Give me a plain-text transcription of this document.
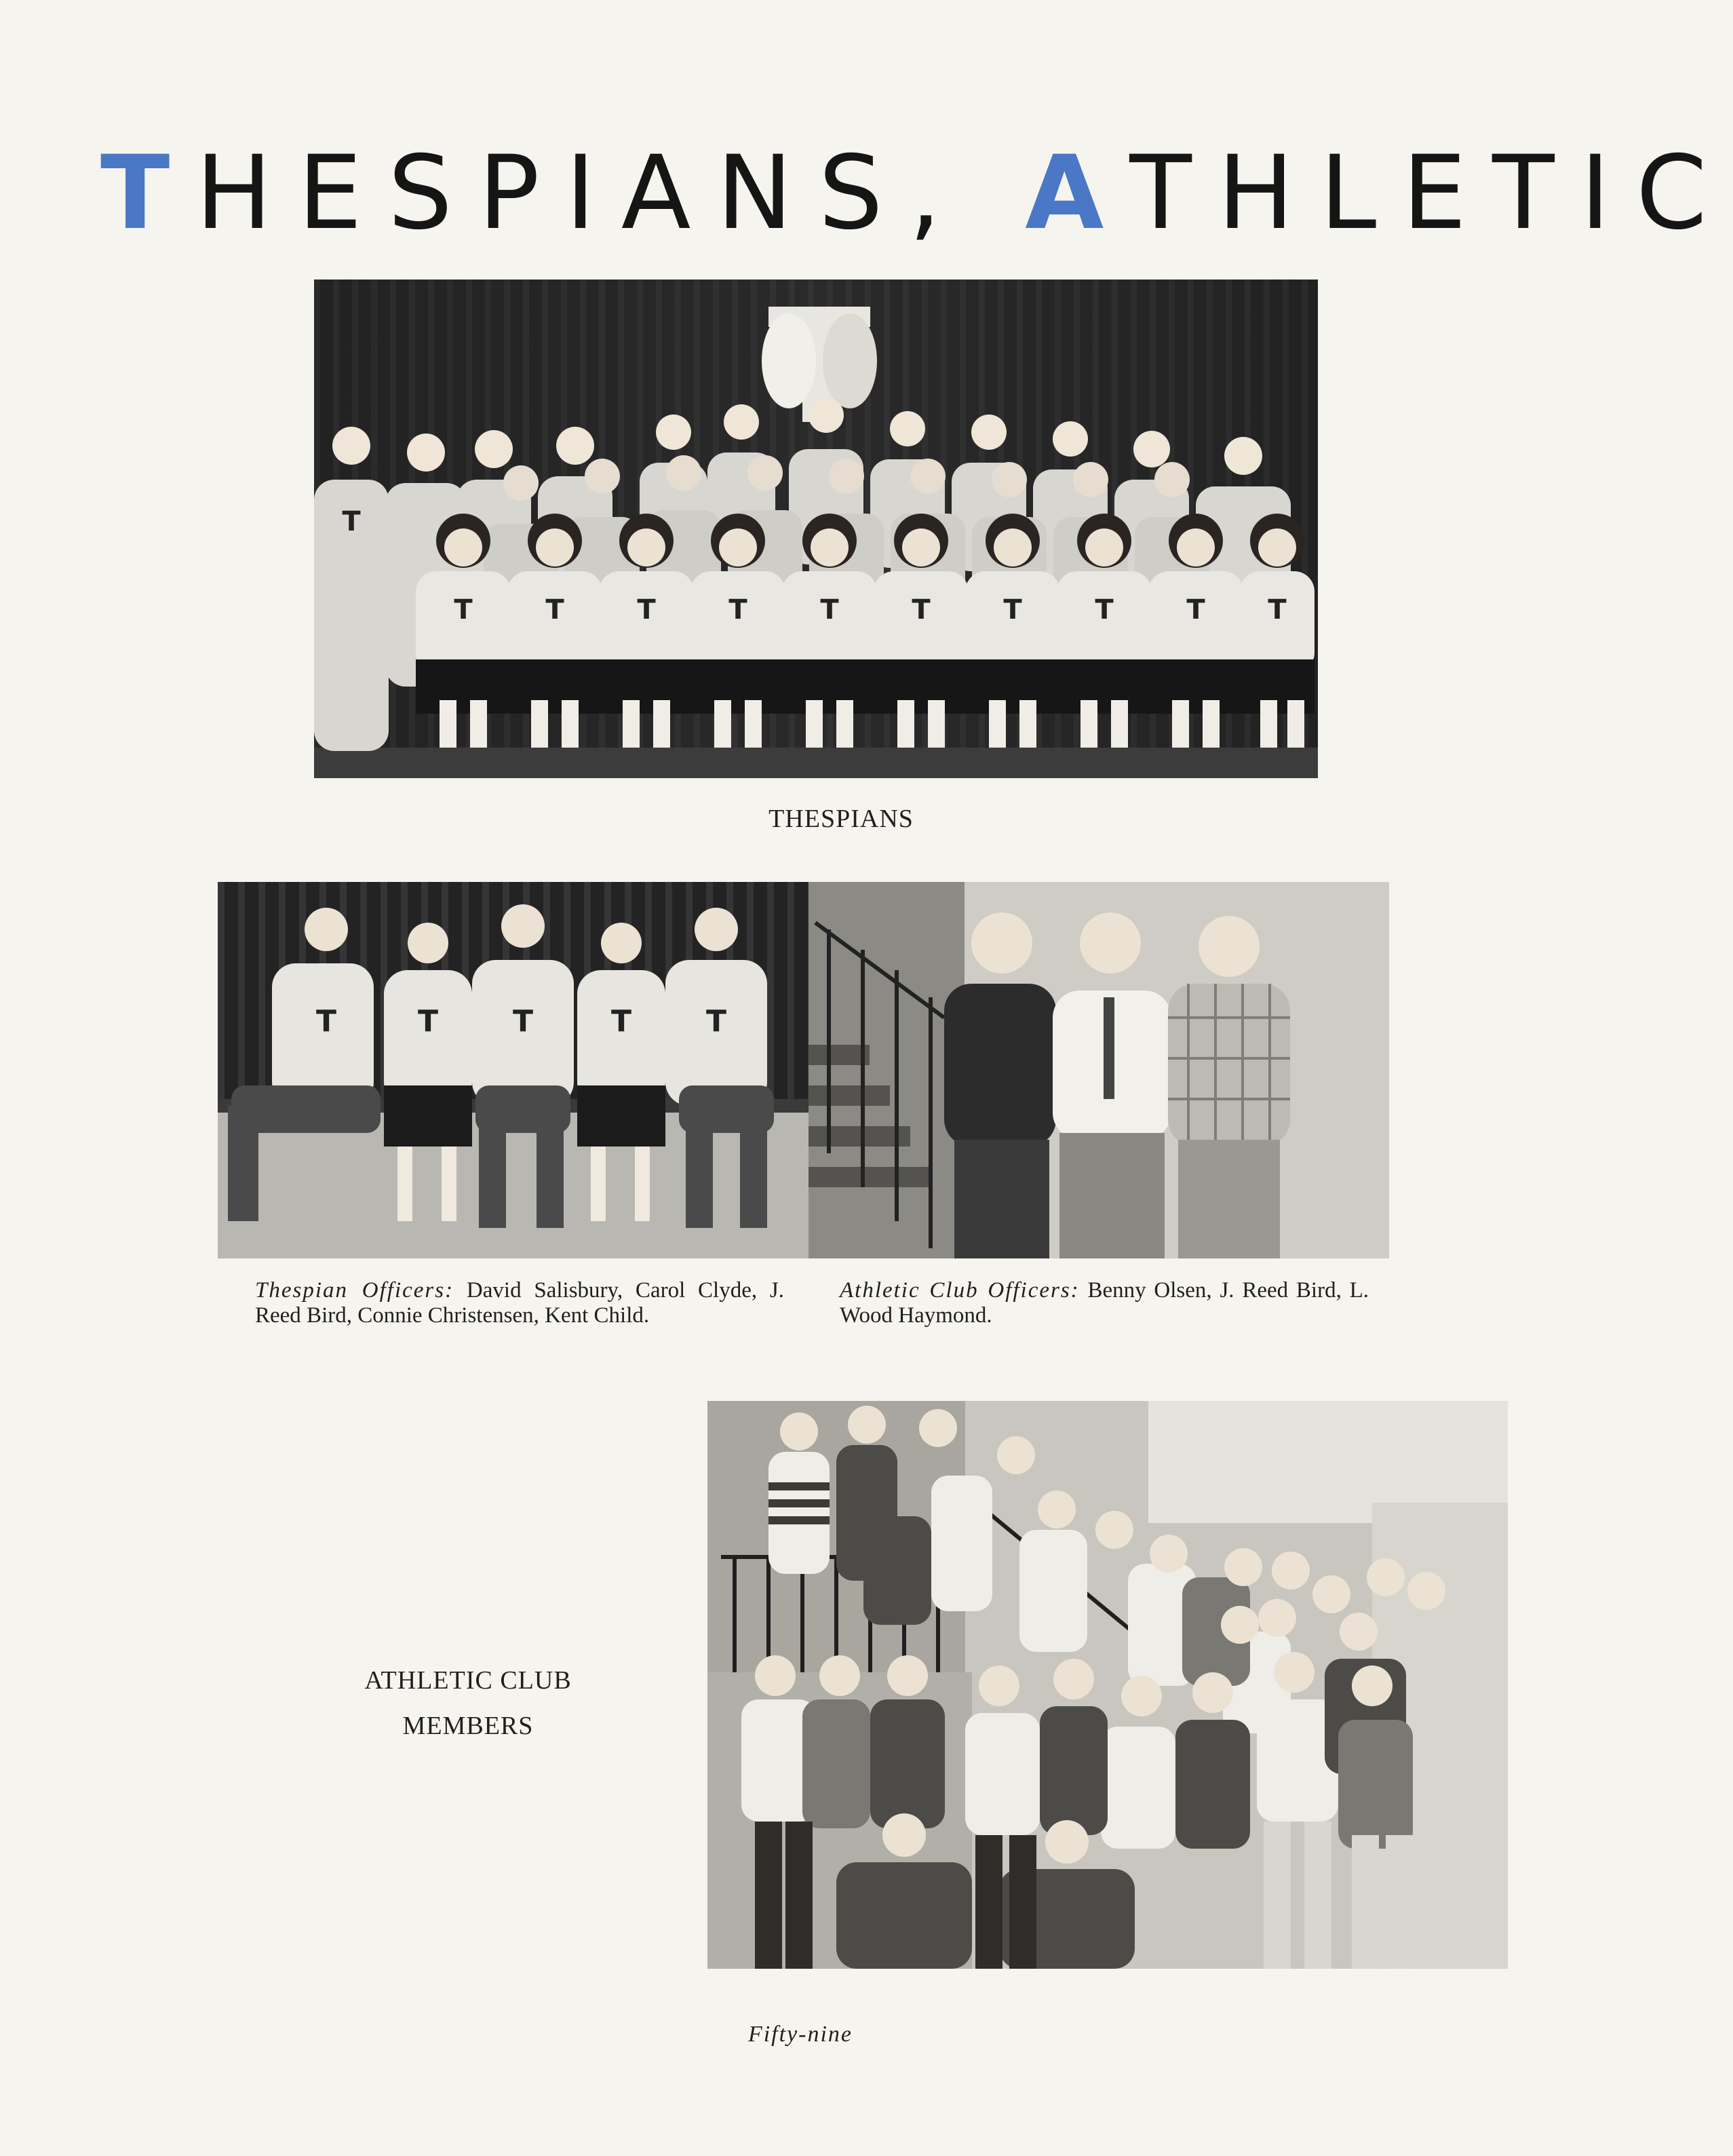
THESPIANS, ATHLETIC
T	T	T	T	T	T	T	T	T T
T
THESPIANS
T	T T	T T
Thespian Officers: David Salisbury, Carol Clyde, J. Reed Bird, Connie Christensen, Kent Child.
Athletic Club Officers: Benny Olsen, J. Reed Bird, L. Wood Haymond.
ATHLETIC CLUB
MEMBERS
Fifty-nine
